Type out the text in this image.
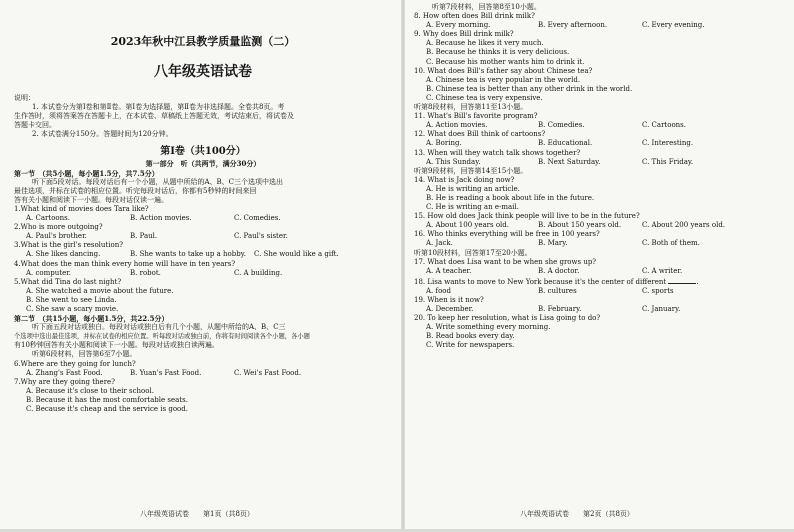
2023年秋中江县教学质量监测（二）
八年级英语试卷
说明：
1. 本试卷分为第Ⅰ卷和第Ⅱ卷。第Ⅰ卷为选择题，第Ⅱ卷为非选择题。全卷共8页。考
生作答时，须将答案答在答题卡上，在本试卷、草稿纸上答题无效，考试结束后，将试卷及
答题卡交回。
2. 本试卷满分150分。答题时间为120分钟。
第Ⅰ卷（共100分）
第一部分　听（共两节，满分30分）
第一节　（共5小题，每小题1.5分，共7.5分）
听下面5段对话。每段对话后有一个小题，从题中所给的A、B、C三个选项中选出
最佳选项，并标在试卷的相应位置。听完每段对话后，你都有5秒钟的时间来回
答有关小题和阅读下一小题。每段对话仅读一遍。
1.What kind of movies does Tara like?
A. Cartoons.	B. Action movies.	C. Comedies.
2.Who is more outgoing?
A. Paul's brother.	B. Paul.	C. Paul's sister.
3.What is the girl's resolution?
A. She likes dancing.	B. She wants to take up a hobby.	C. She would like a gift.
4.What does the man think every home will have in ten years?
A. computer.	B. robot.	C. A building.
5.What did Tina do last night?
A. She watched a movie about the future.
B. She went to see Linda.
C. She saw a scary movie.
第二节　（共15小题，每小题1.5分，共22.5分）
听下面五段对话或独白。每段对话或独白后有几个小题，从题中所给的A、B、C三
个选项中选出最佳选项，并标在试卷的相应位置。听每段对话或独白前，你将有时间阅读各个小题，各小题
有10秒钟回答有关小题和阅读下一小题。每段对话或独白读两遍。
听第6段材料，回答第6至7小题。
6.Where are they going for lunch?
A. Zhang's Fast Food.	B. Yuan's Fast Food.	C. Wei's Fast Food.
7.Why are they going there?
A. Because it's close to their school.
B. Because it has the most comfortable seats.
C. Because it's cheap and the service is good.
八年级英语试卷　　第1页（共8页）
听第7段材料，回答第8至10小题。
8. How often does Bill drink milk?
A. Every morning.	B. Every afternoon.	C. Every evening.
9. Why does Bill drink milk?
A. Because he likes it very much.
B. Because he thinks it is very delicious.
C. Because his mother wants him to drink it.
10. What does Bill's father say about Chinese tea?
A. Chinese tea is very popular in the world.
B. Chinese tea is better than any other drink in the world.
C. Chinese tea is very expensive.
听第8段材料，回答第11至13小题。
11. What's Bill's favorite program?
A. Action movies.	B. Comedies.	C. Cartoons.
12. What does Bill think of cartoons?
A. Boring.	B. Educational.	C. Interesting.
13. When will they watch talk shows together?
A. This Sunday.	B. Next Saturday.	C. This Friday.
听第9段材料，回答第14至15小题。
14. What is Jack doing now?
A. He is writing an article.
B. He is reading a book about life in the future.
C. He is writing an e-mail.
15. How old does Jack think people will live to be in the future?
A. About 100 years old.	B. About 150 years old.	C. About 200 years old.
16. Who thinks everything will be free in 100 years?
A. Jack.	B. Mary.	C. Both of them.
听第10段材料，回答第17至20小题。
17. What does Lisa want to be when she grows up?
A. A teacher.	B. A doctor.	C. A writer.
18. Lisa wants to move to New York because it's the center of different	.
A. food	B. cultures	C. sports
19. When is it now?
A. December.	B. February.	C. January.
20. To keep her resolution, what is Lisa going to do?
A. Write something every morning.
B. Read books every day.
C. Write for newspapers.
八年级英语试卷　　第2页（共8页）
